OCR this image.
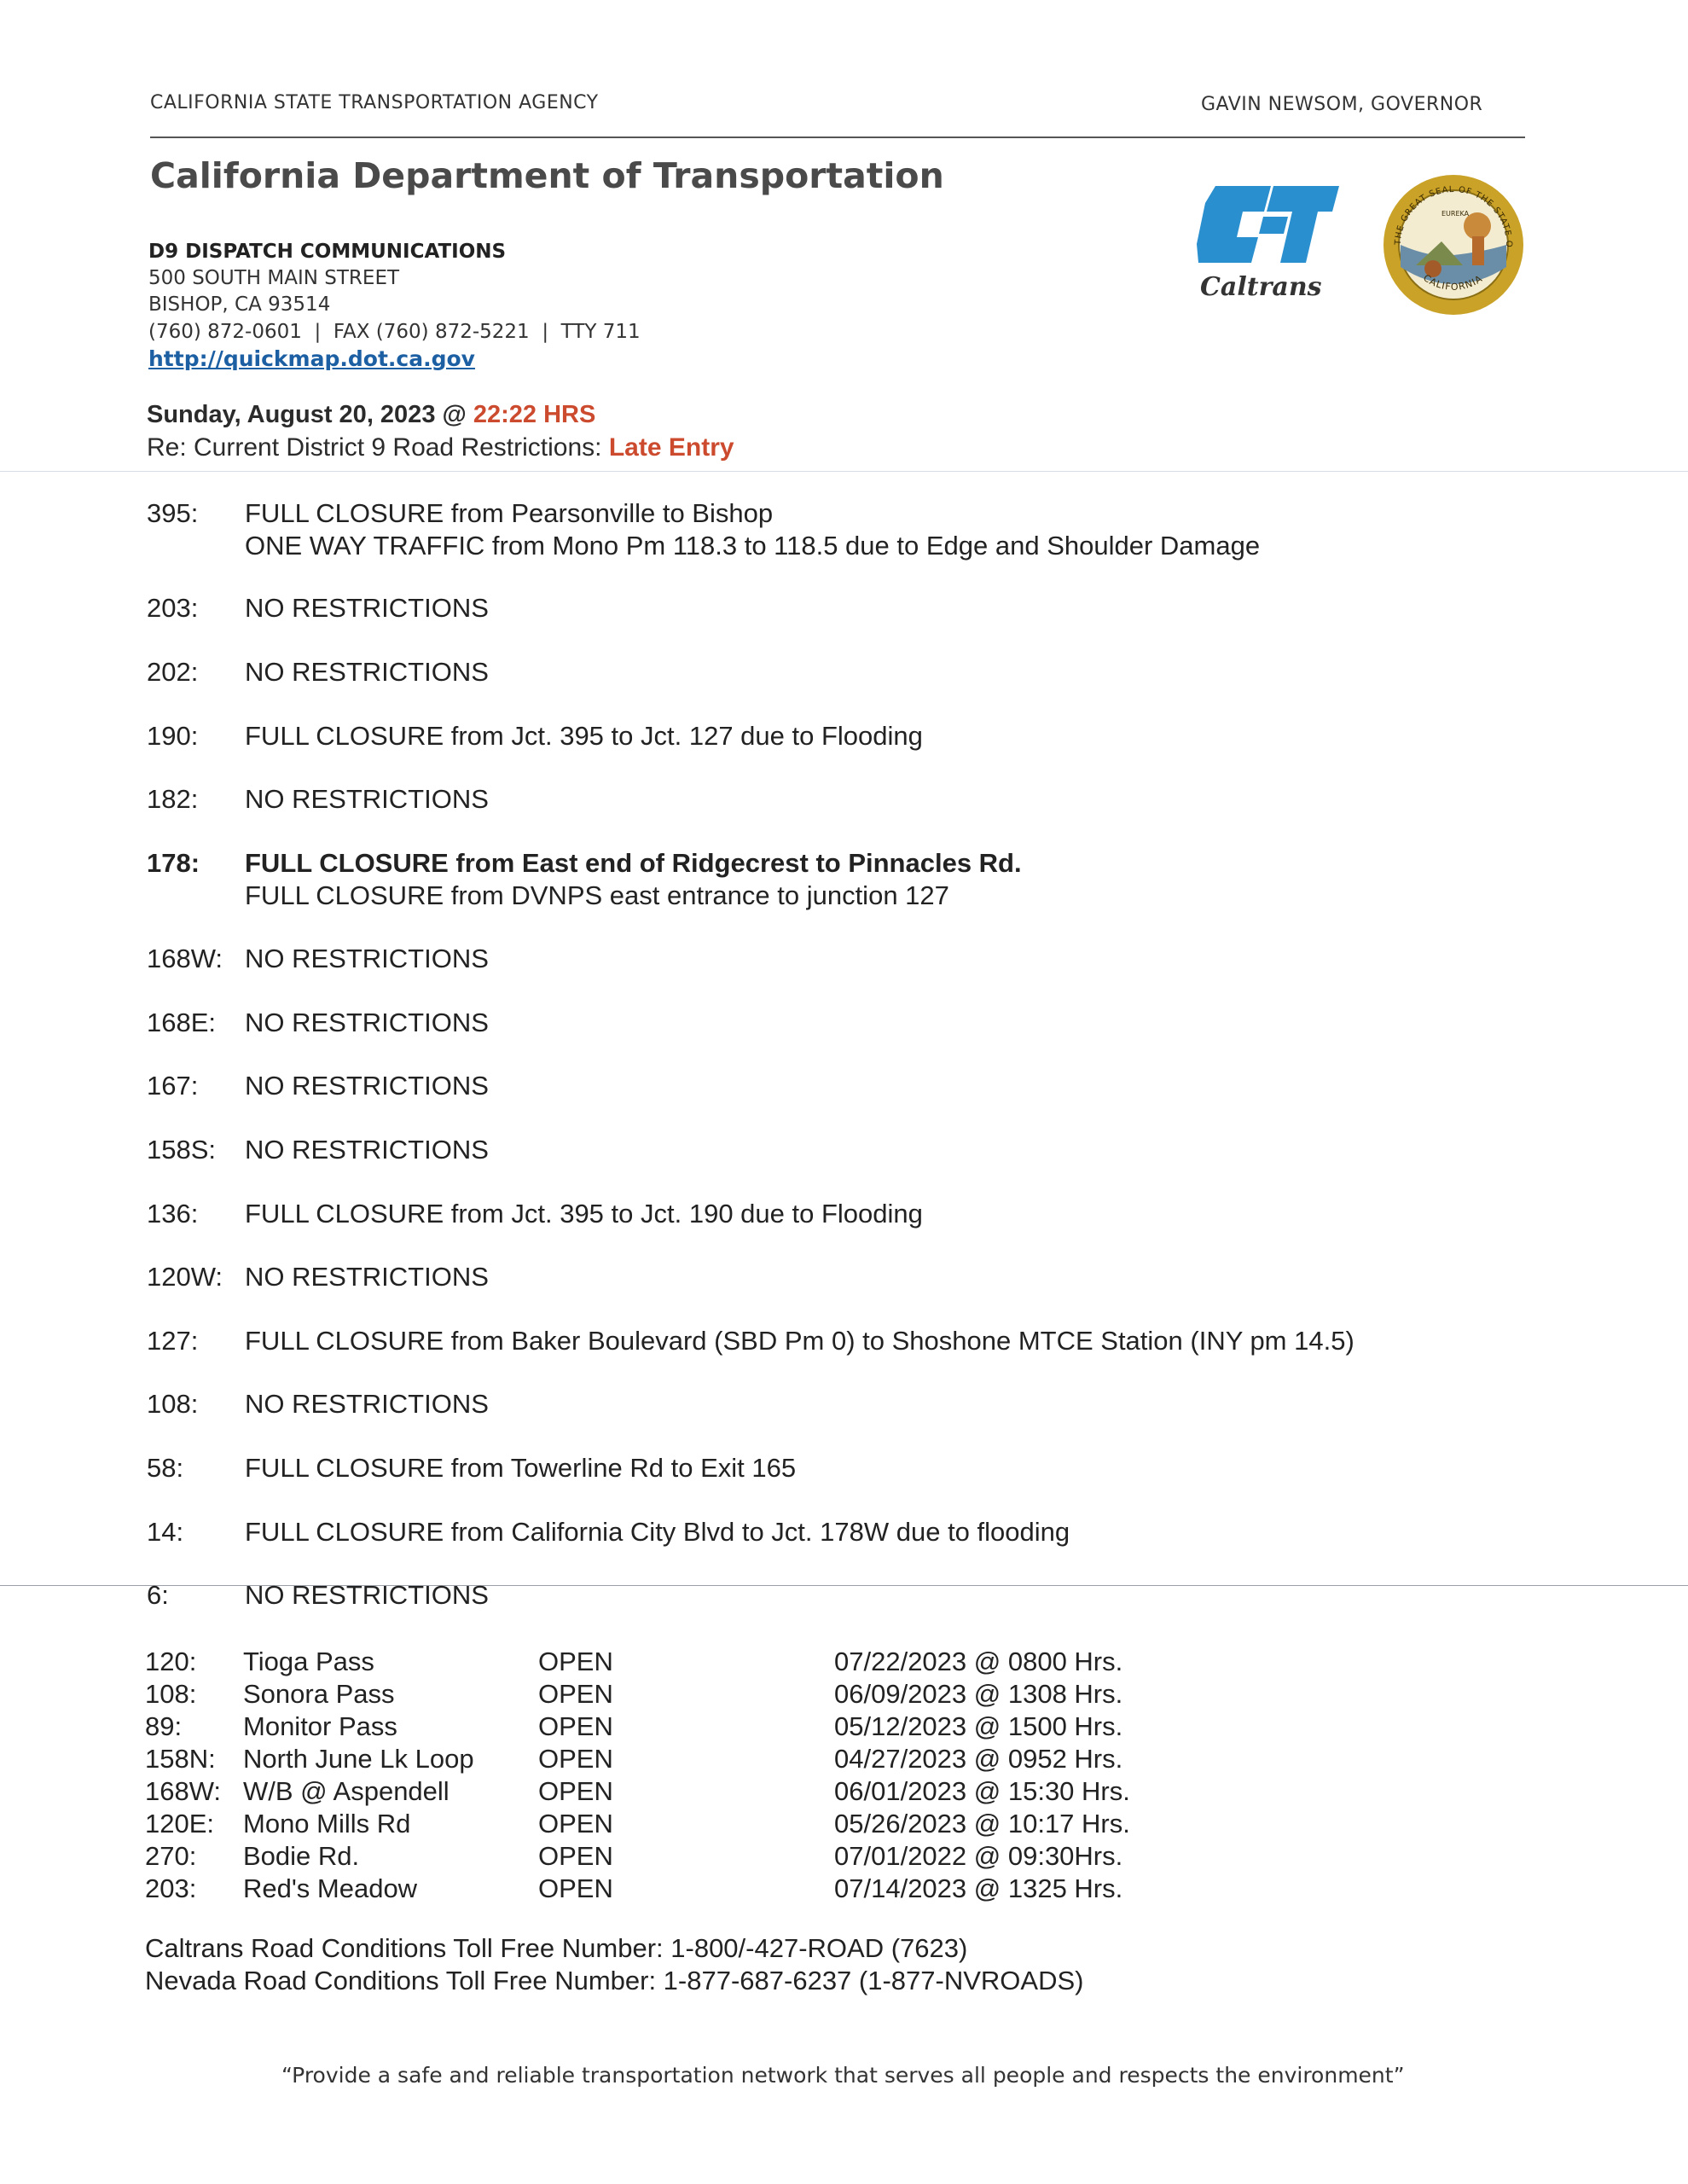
CALIFORNIA STATE TRANSPORTATION AGENCY	GAVIN NEWSOM, GOVERNOR
California Department of Transportation
D9 DISPATCH COMMUNICATIONS
500 SOUTH MAIN STREET
BISHOP, CA 93514
(760) 872-0601  |  FAX (760) 872-5221  |  TTY 711
http://quickmap.dot.ca.gov
Caltrans
THE GREAT SEAL OF THE STATE O
CALIFORNIA
EUREKA
Sunday, August 20, 2023 @ 22:22 HRS
Re: Current District 9 Road Restrictions: Late Entry
395: FULL CLOSURE from Pearsonville to Bishop
ONE WAY TRAFFIC from Mono Pm 118.3 to 118.5 due to Edge and Shoulder Damage
203: NO RESTRICTIONS
202: NO RESTRICTIONS
190: FULL CLOSURE from Jct. 395 to Jct. 127 due to Flooding
182: NO RESTRICTIONS
178: FULL CLOSURE from East end of Ridgecrest to Pinnacles Rd.
FULL CLOSURE from DVNPS east entrance to junction 127
168W: NO RESTRICTIONS
168E: NO RESTRICTIONS
167: NO RESTRICTIONS
158S: NO RESTRICTIONS
136: FULL CLOSURE from Jct. 395 to Jct. 190 due to Flooding
120W: NO RESTRICTIONS
127: FULL CLOSURE from Baker Boulevard (SBD Pm 0) to Shoshone MTCE Station (INY pm 14.5)
108: NO RESTRICTIONS
58: FULL CLOSURE from Towerline Rd to Exit 165
14: FULL CLOSURE from California City Blvd to Jct. 178W due to flooding
6:	NO RESTRICTIONS
120: Tioga Pass	OPEN	07/22/2023 @ 0800 Hrs.
108: Sonora Pass	OPEN	06/09/2023 @ 1308 Hrs.
89: Monitor Pass	OPEN	05/12/2023 @ 1500 Hrs.
158N: North June Lk Loop OPEN	04/27/2023 @ 0952 Hrs.
168W: W/B @ Aspendell	OPEN	06/01/2023 @ 15:30 Hrs.
120E: Mono Mills Rd	OPEN	05/26/2023 @ 10:17 Hrs.
270: Bodie Rd.	OPEN	07/01/2022 @ 09:30Hrs.
203: Red's Meadow	OPEN	07/14/2023 @ 1325 Hrs.
Caltrans Road Conditions Toll Free Number: 1-800/-427-ROAD (7623)
Nevada Road Conditions Toll Free Number: 1-877-687-6237 (1-877-NVROADS)
“Provide a safe and reliable transportation network that serves all people and respects the environment”
